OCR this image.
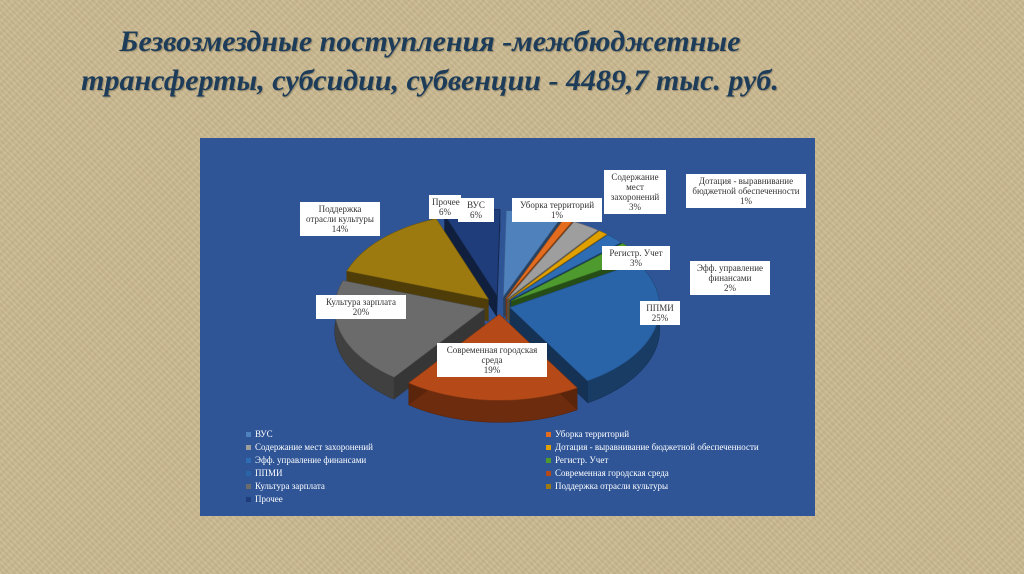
Безвозмездные поступления -межбюджетные
трансферты, субсидии, субвенции - 4489,7 тыс. руб.
ВУС
6%
Уборка территорий
1%
Содержание
мест захоронений
3%
Дотация - выравнивание
бюджетной обеспеченности
1%
Эфф. управление
финансами
2%
Регистр. Учет
3%
ППМИ
25%
Современная городская
среда
19%
Культура зарплата
20%
Поддержка
отрасли культуры
14%
Прочее
6%
ВУС	Уборка территорий
Содержание мест захоронений	Дотация - выравнивание бюджетной обеспеченности
Эфф. управление финансами	Регистр. Учет
ППМИ	Современная городская среда
Культура зарплата	Поддержка отрасли культуры
Прочее
